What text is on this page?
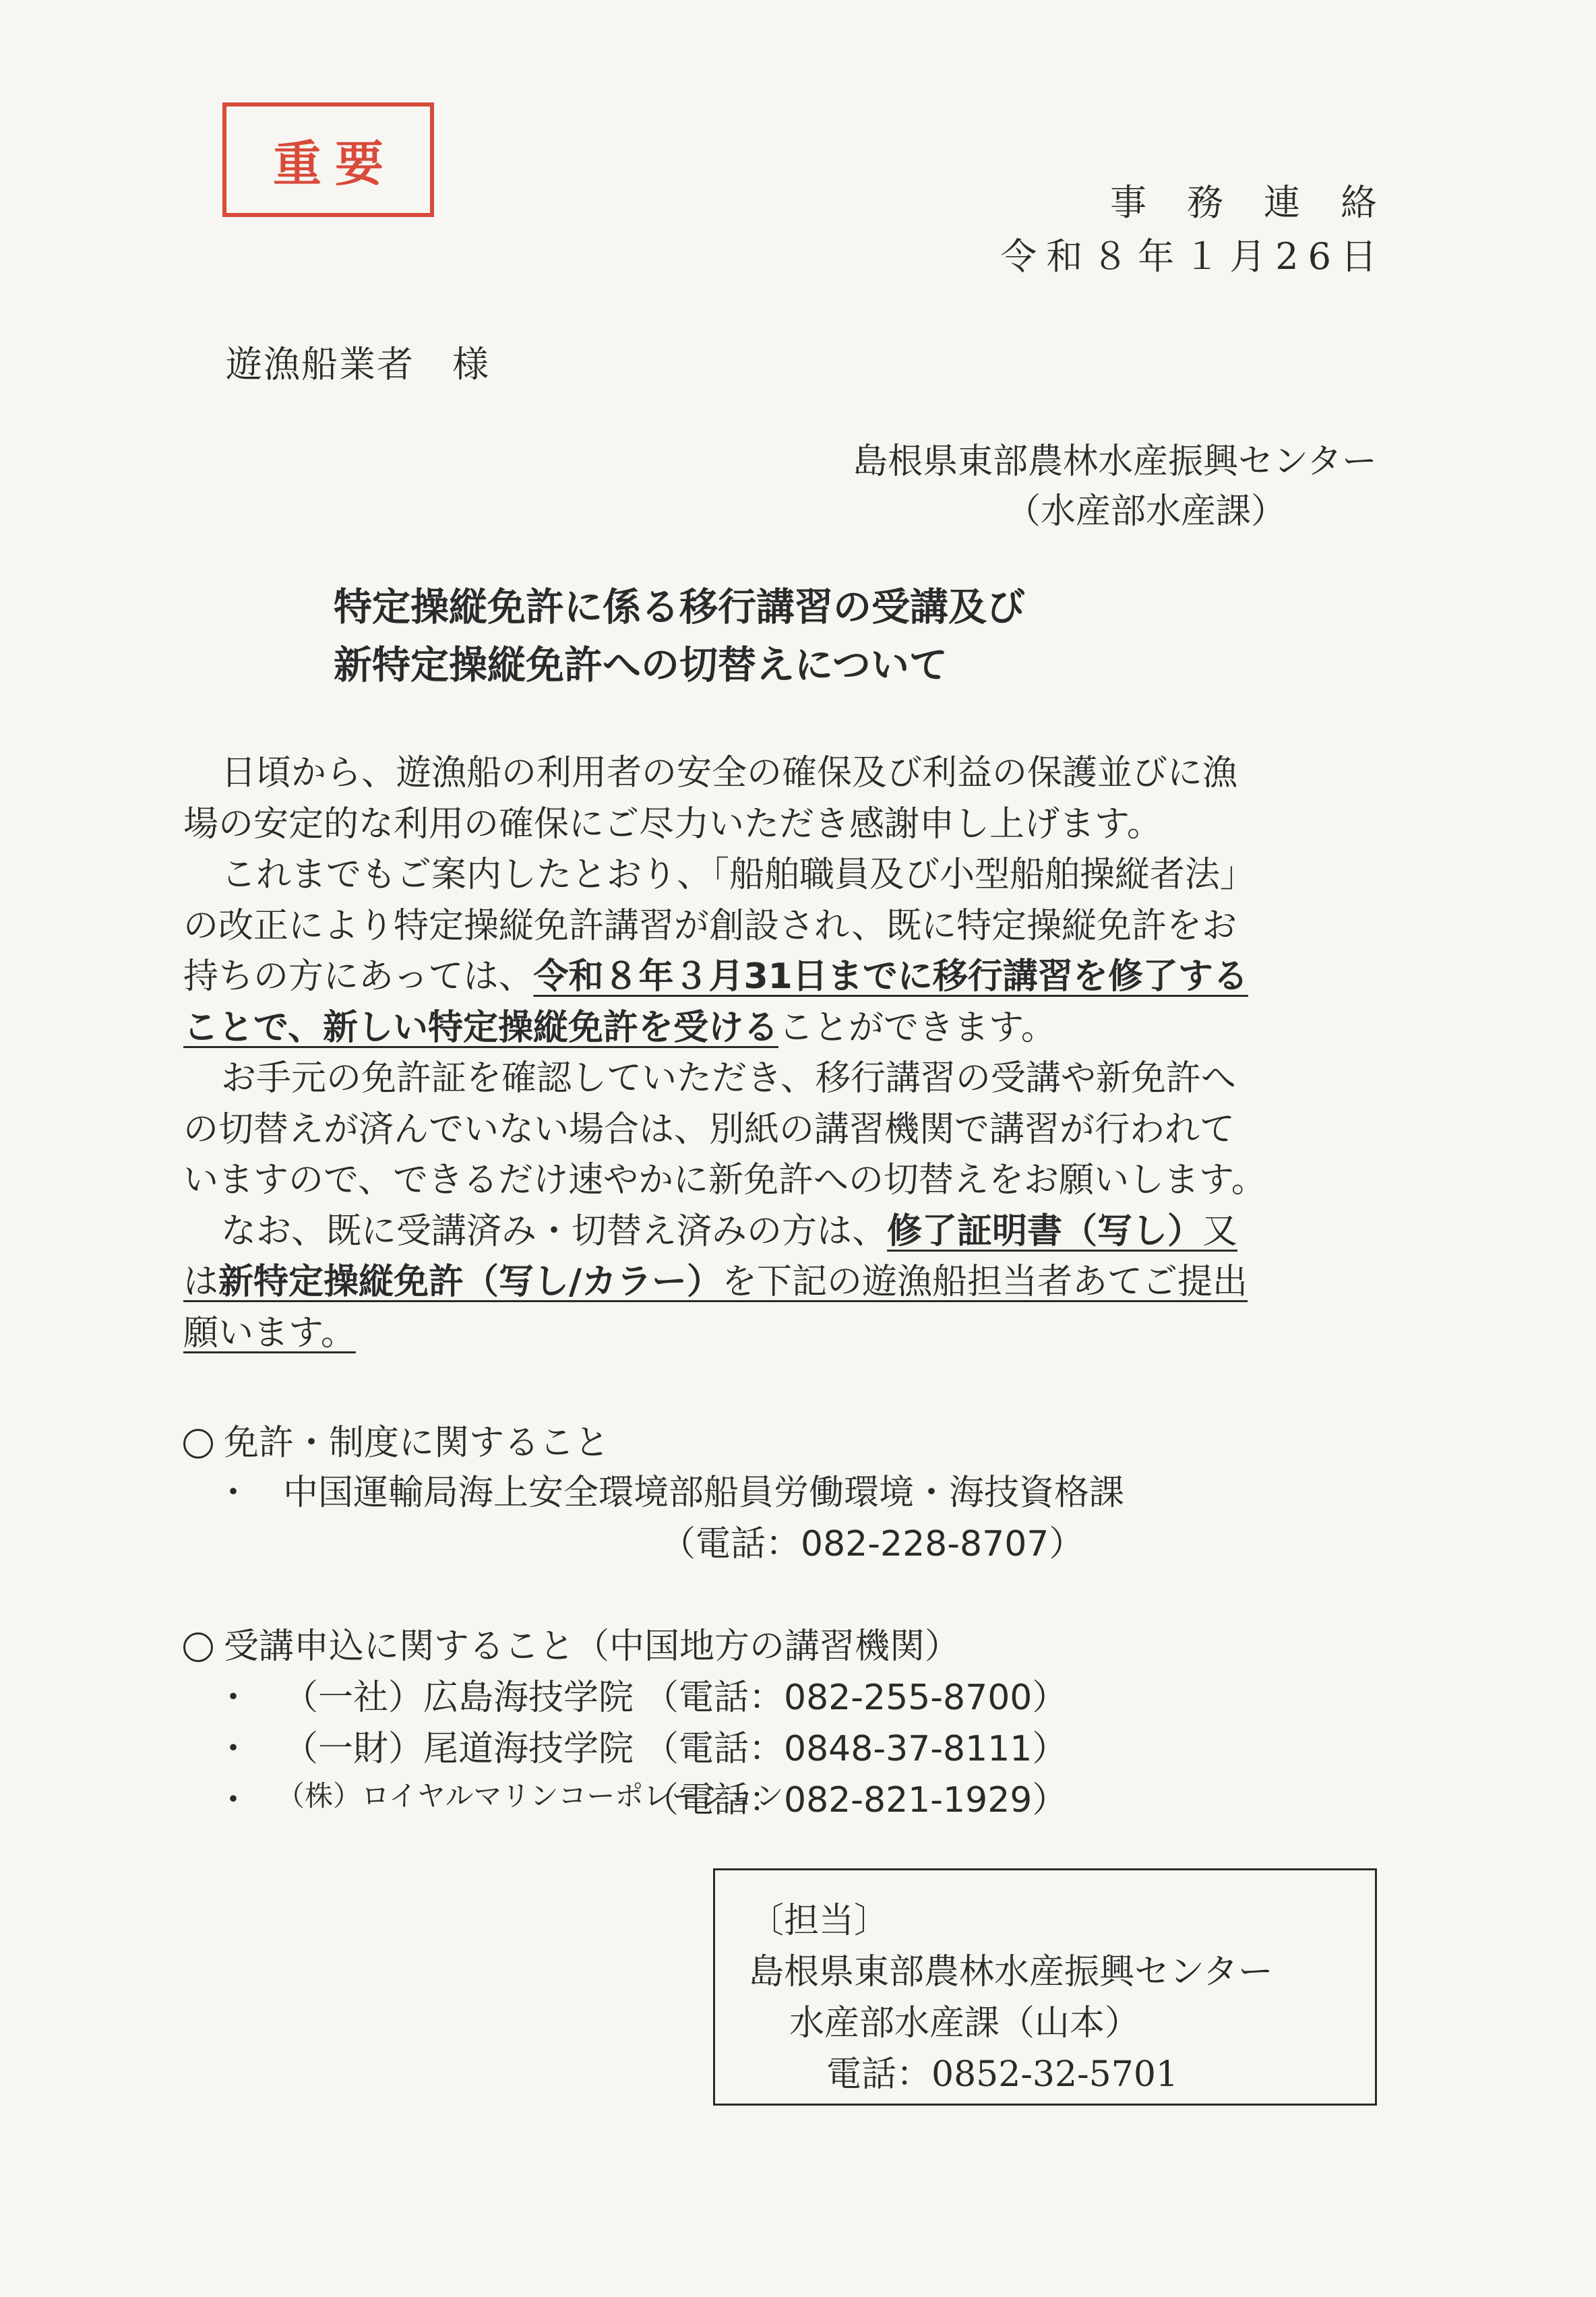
重要
事務連絡
令和８年１月26日
遊漁船業者　様
島根県東部農林水産振興センター
（水産部水産課）
特定操縦免許に係る移行講習の受講及び
新特定操縦免許への切替えについて
日頃から、遊漁船の利用者の安全の確保及び利益の保護並びに漁
場の安定的な利用の確保にご尽力いただき感謝申し上げます。
これまでもご案内したとおり、「船舶職員及び小型船舶操縦者法」
の改正により特定操縦免許講習が創設され、既に特定操縦免許をお
持ちの方にあっては、令和８年３月31日までに移行講習を修了する
ことで、新しい特定操縦免許を受けることができます。
お手元の免許証を確認していただき、移行講習の受講や新免許へ
の切替えが済んでいない場合は、別紙の講習機関で講習が行われて
いますので、できるだけ速やかに新免許への切替えをお願いします。
なお、既に受講済み・切替え済みの方は、修了証明書（写し）又
は新特定操縦免許（写し/カラー）を下記の遊漁船担当者あてご提出
願います。
免許・制度に関すること
・ 中国運輸局海上安全環境部船員労働環境・海技資格課
（電話：082-228-8707）
受講申込に関すること（中国地方の講習機関）
・ （一社）広島海技学院 （電話：082-255-8700）
・ （一財）尾道海技学院 （電話：0848-37-8111）
・ （株）ロイヤルマリンコーポレーション
（電話：082-821-1929）
〔担当〕
島根県東部農林水産振興センター
水産部水産課（山本）
電話：0852-32-5701
